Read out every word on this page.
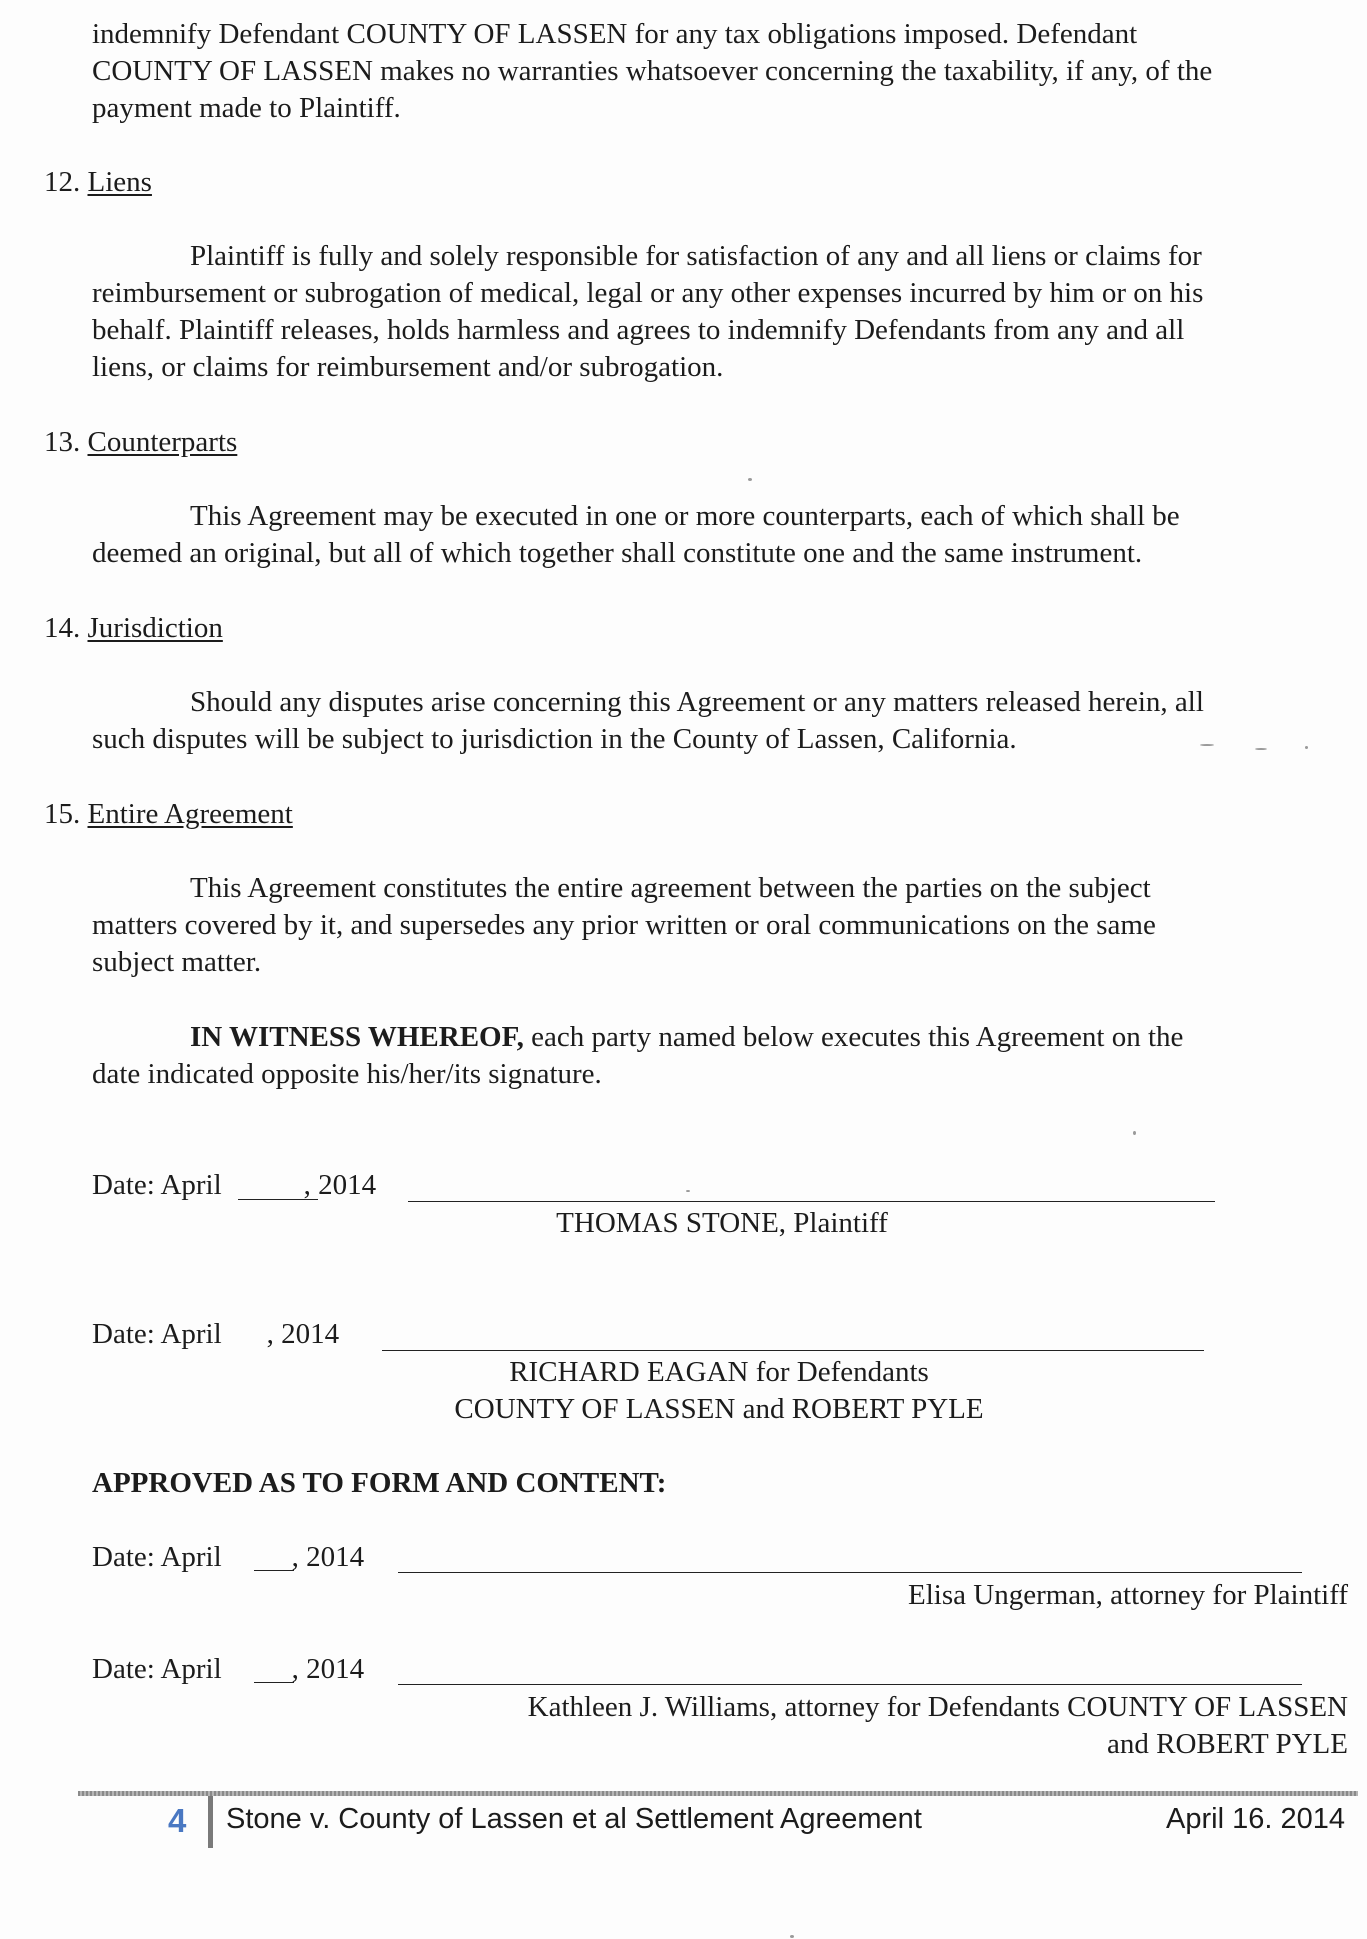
indemnify Defendant COUNTY OF LASSEN for any tax obligations imposed. Defendant
COUNTY OF LASSEN makes no warranties whatsoever concerning the taxability, if any, of the
payment made to Plaintiff.
12. Liens
Plaintiff is fully and solely responsible for satisfaction of any and all liens or claims for
reimbursement or subrogation of medical, legal or any other expenses incurred by him or on his
behalf. Plaintiff releases, holds harmless and agrees to indemnify Defendants from any and all
liens, or claims for reimbursement and/or subrogation.
13. Counterparts
This Agreement may be executed in one or more counterparts, each of which shall be
deemed an original, but all of which together shall constitute one and the same instrument.
14. Jurisdiction
Should any disputes arise concerning this Agreement or any matters released herein, all
such disputes will be subject to jurisdiction in the County of Lassen, California.
15. Entire Agreement
This Agreement constitutes the entire agreement between the parties on the subject
matters covered by it, and supersedes any prior written or oral communications on the same
subject matter.
IN WITNESS WHEREOF, each party named below executes this Agreement on the
date indicated opposite his/her/its signature.
Date: April	, 2014
THOMAS STONE, Plaintiff
Date: April , 2014
RICHARD EAGAN for Defendants
COUNTY OF LASSEN and ROBERT PYLE
APPROVED AS TO FORM AND CONTENT:
Date: April , 2014
Elisa Ungerman, attorney for Plaintiff
Date: April , 2014
Kathleen J. Williams, attorney for Defendants COUNTY OF LASSEN
and ROBERT PYLE
4 Stone v. County of Lassen et al Settlement Agreement	April 16. 2014
